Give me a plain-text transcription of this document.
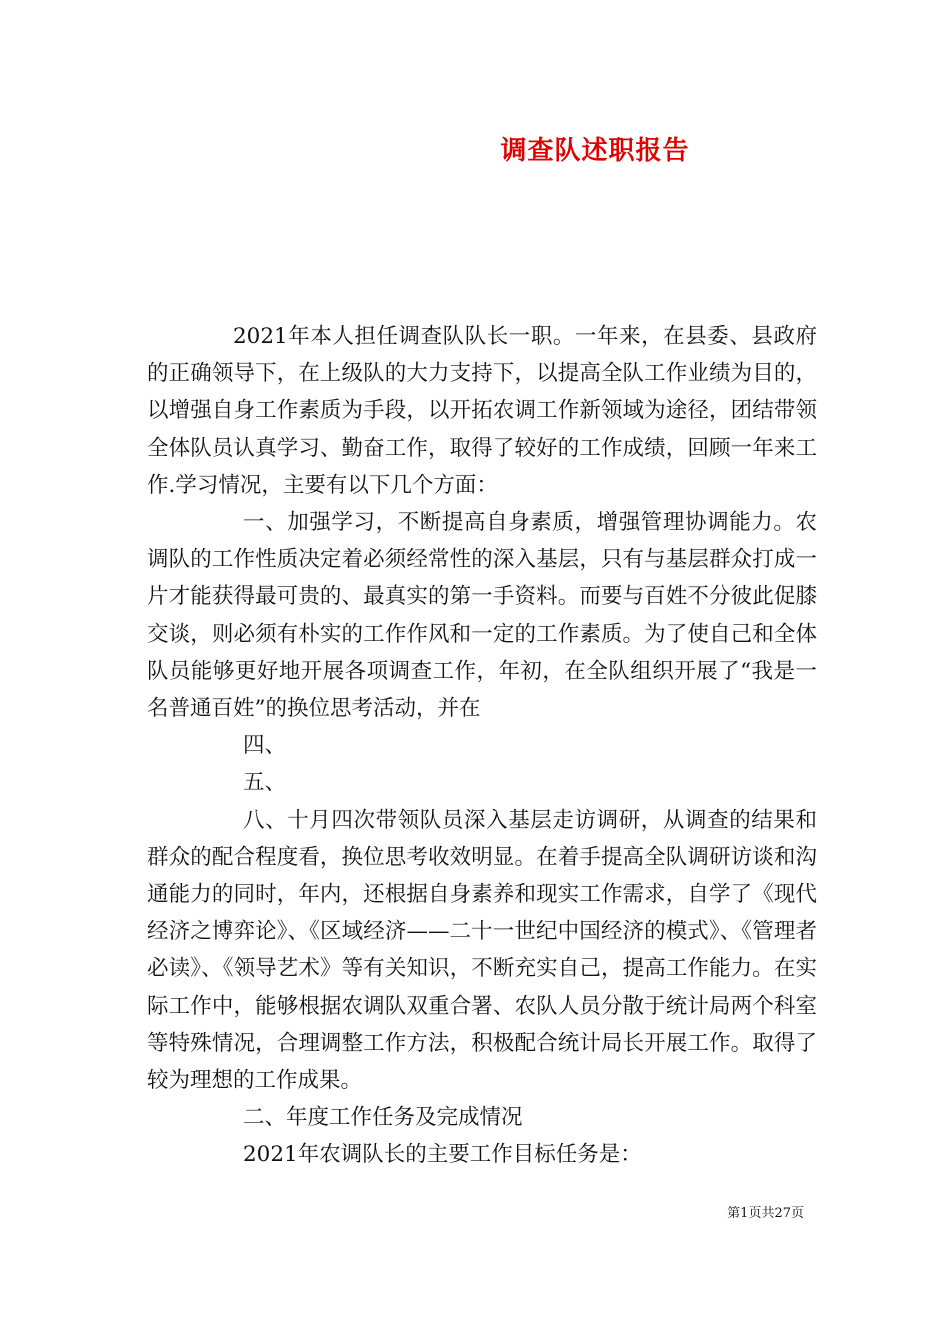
调查队述职报告

2021年本人担任调查队队长一职。一年来，在县委、县政府的正确领导下，在上级队的大力支持下，以提高全队工作业绩为目的，以增强自身工作素质为手段，以开拓农调工作新领域为途径，团结带领全体队员认真学习、勤奋工作，取得了较好的工作成绩，回顾一年来工作.学习情况，主要有以下几个方面：

一、加强学习，不断提高自身素质，增强管理协调能力。农调队的工作性质决定着必须经常性的深入基层，只有与基层群众打成一片才能获得最可贵的、最真实的第一手资料。而要与百姓不分彼此促膝交谈，则必须有朴实的工作作风和一定的工作素质。为了使自己和全体队员能够更好地开展各项调查工作，年初，在全队组织开展了“我是一名普通百姓”的换位思考活动，并在

四、

五、

八、十月四次带领队员深入基层走访调研，从调查的结果和群众的配合程度看，换位思考收效明显。在着手提高全队调研访谈和沟通能力的同时，年内，还根据自身素养和现实工作需求，自学了《现代经济之博弈论》、《区域经济——二十一世纪中国经济的模式》、《管理者必读》、《领导艺术》等有关知识，不断充实自己，提高工作能力。在实际工作中，能够根据农调队双重合署、农队人员分散于统计局两个科室等特殊情况，合理调整工作方法，积极配合统计局长开展工作。取得了较为理想的工作成果。

二、年度工作任务及完成情况

2021年农调队长的主要工作目标任务是：

第1页共27页
